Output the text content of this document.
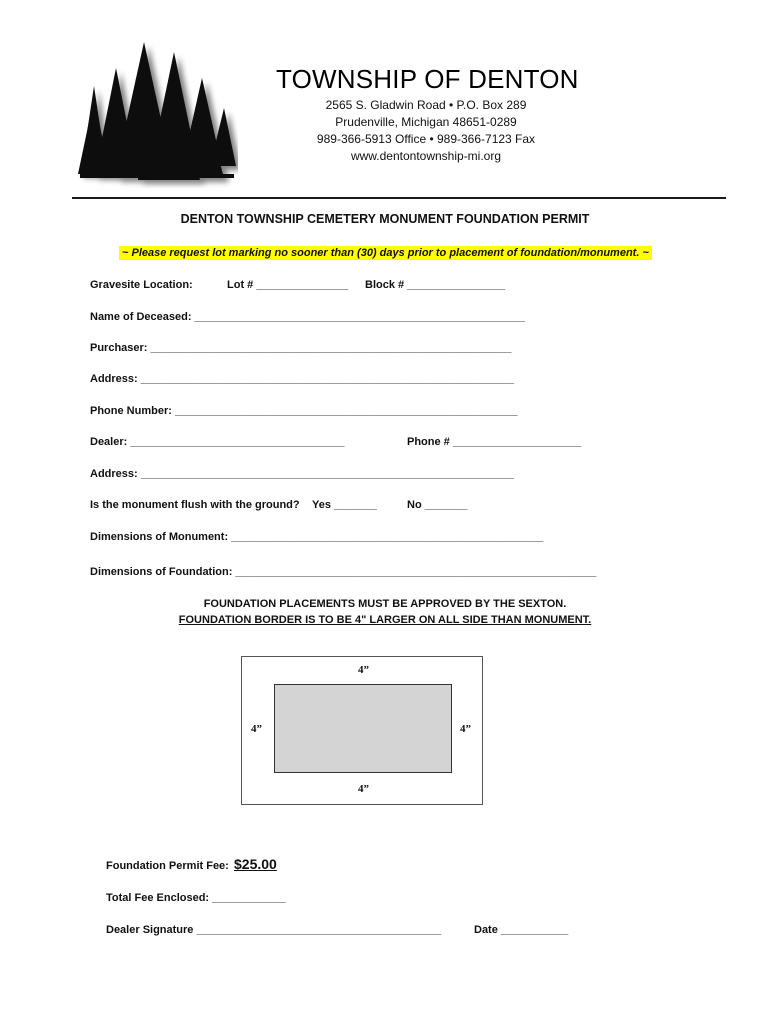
TOWNSHIP OF DENTON
2565 S. Gladwin Road • P.O. Box 289
Prudenville, Michigan 48651-0289
989-366-5913 Office • 989-366-7123 Fax
www.dentontownship-mi.org
DENTON TOWNSHIP CEMETERY MONUMENT FOUNDATION PERMIT
~ Please request lot marking no sooner than (30) days prior to placement of foundation/monument. ~
Gravesite Location:	Lot # _______________ Block # ________________
Name of Deceased: ______________________________________________________
Purchaser: ___________________________________________________________
Address: _____________________________________________________________
Phone Number: ________________________________________________________
Dealer: ___________________________________	Phone # _____________________
Address: _____________________________________________________________
Is the monument flush with the ground? Yes _______	No _______
Dimensions of Monument: ___________________________________________________
Dimensions of Foundation: ___________________________________________________________
FOUNDATION PLACEMENTS MUST BE APPROVED BY THE SEXTON.
FOUNDATION BORDER IS TO BE 4" LARGER ON ALL SIDE THAN MONUMENT.
4”
4”	4”
4”
Foundation Permit Fee: $25.00
Total Fee Enclosed: ____________
Dealer Signature ________________________________________	Date ___________
